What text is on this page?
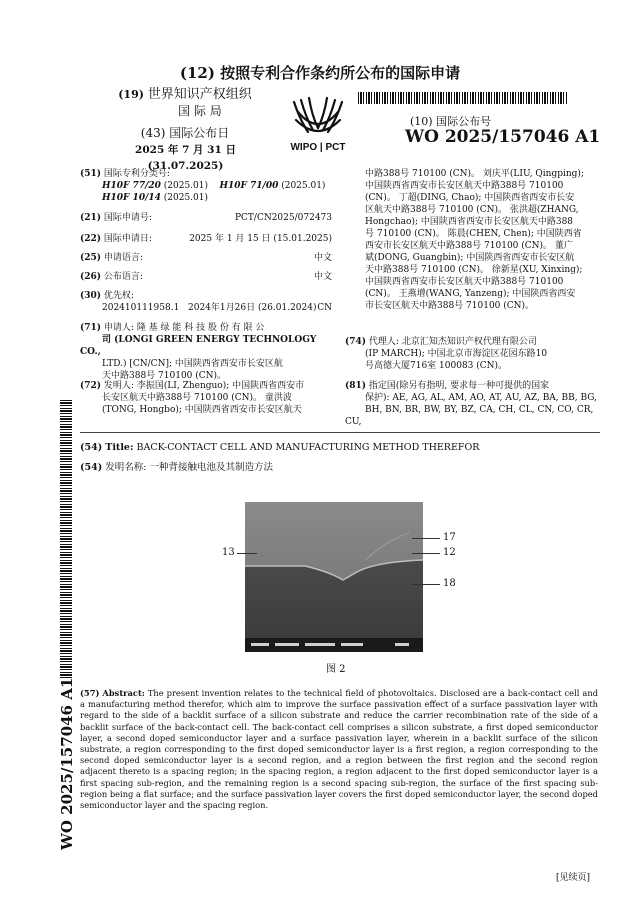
(12) 按照专利合作条约所公布的国际申请
(19) 世界知识产权组织
国 际 局
(43) 国际公布日
2025 年 7 月 31 日 (31.07.2025)
WIPO | PCT
(10) 国际公布号
WO 2025/157046 A1
(51) 国际专利分类号:
H10F 77/20 (2025.01) H10F 71/00 (2025.01)
H10F 10/14 (2025.01)
(21) 国际申请号:	PCT/CN2025/072473
(22) 国际申请日:	2025 年 1 月 15 日 (15.01.2025)
(25) 申请语言:	中文
(26) 公布语言:	中文
(30) 优先权:
202410111958.1 2024年1月26日 (26.01.2024) CN
(71) 申请人: 隆 基 绿 能 科 技 股 份 有 限 公
司 (LONGI GREEN ENERGY TECHNOLOGY CO.,
LTD.) [CN/CN]; 中国陕西省西安市长安区航
天中路388号 710100 (CN)。
(72) 发明人: 李振国(LI, Zhenguo); 中国陕西省西安市
长安区航天中路388号 710100 (CN)。 童洪波
(TONG, Hongbo); 中国陕西省西安市长安区航天
中路388号 710100 (CN)。 刘庆平(LIU, Qingping);
中国陕西省西安市长安区航天中路388号 710100
(CN)。 丁超(DING, Chao); 中国陕西省西安市长安
区航天中路388号 710100 (CN)。 张洪超(ZHANG,
Hongchao); 中国陕西省西安市长安区航天中路388
号 710100 (CN)。 陈晨(CHEN, Chen); 中国陕西省
西安市长安区航天中路388号 710100 (CN)。 董广
斌(DONG, Guangbin); 中国陕西省西安市长安区航
天中路388号 710100 (CN)。 徐新星(XU, Xinxing);
中国陕西省西安市长安区航天中路388号 710100
(CN)。 王燕增(WANG, Yanzeng); 中国陕西省西安
市长安区航天中路388号 710100 (CN)。
(74) 代理人: 北京汇知杰知识产权代理有限公司
(IP MARCH); 中国北京市海淀区花园东路10
号高德大厦716室 100083 (CN)。
(81) 指定国(除另有指明, 要求每一种可提供的国家
保护): AE, AG, AL, AM, AO, AT, AU, AZ, BA, BB, BG,
BH, BN, BR, BW, BY, BZ, CA, CH, CL, CN, CO, CR, CU,
(54) Title: BACK-CONTACT CELL AND MANUFACTURING METHOD THEREFOR
(54) 发明名称: 一种背接触电池及其制造方法
13
17
12
18
图 2
(57) Abstract: The present invention relates to the technical field of photovoltaics. Disclosed are a back-contact cell and a manufacturing method therefor, which aim to improve the surface passivation effect of a surface passivation layer with regard to the side of a backlit surface of a silicon substrate and reduce the carrier recombination rate of the side of a backlit surface of the back-contact cell. The back-contact cell comprises a silicon substrate, a first doped semiconductor layer, a second doped semiconductor layer and a surface passivation layer, wherein in a backlit surface of the silicon substrate, a region corresponding to the first doped semiconductor layer is a first region, a region corresponding to the second doped semiconductor layer is a second region, and a region between the first region and the second region adjacent thereto is a spacing region; in the spacing region, a region adjacent to the first doped semiconductor layer is a first spacing sub-region, and the remaining region is a second spacing sub-region, the surface of the first spacing sub-region being a flat surface; and the surface passivation layer covers the first doped semiconductor layer, the second doped semiconductor layer and the spacing region.
WO 2025/157046 A1
[见续页]
